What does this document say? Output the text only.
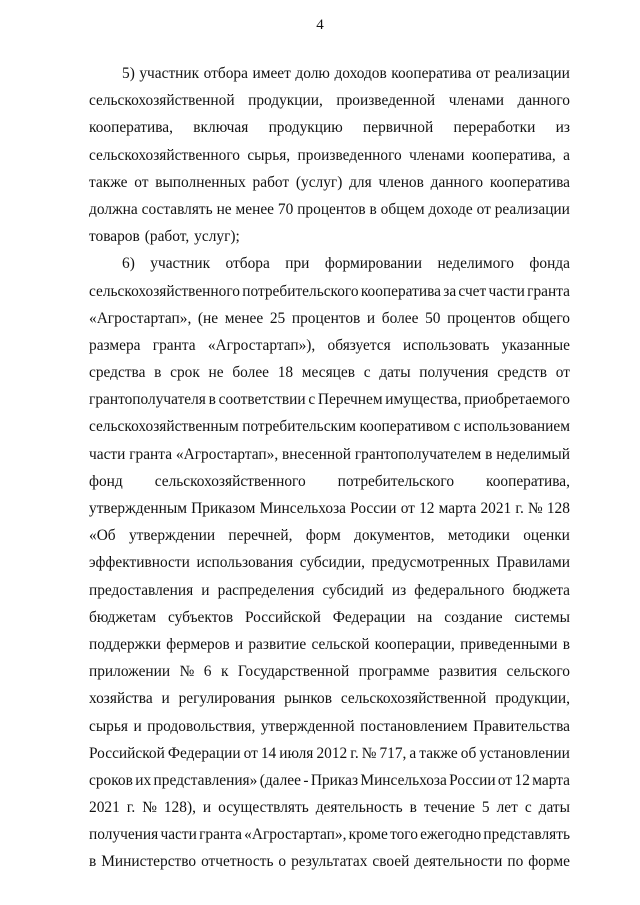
4
5) участник отбора имеет долю доходов кооператива от реализации
сельскохозяйственной продукции, произведенной членами данного
кооператива, включая продукцию первичной переработки из
сельскохозяйственного сырья, произведенного членами кооператива, а
также от выполненных работ (услуг) для членов данного кооператива
должна составлять не менее 70 процентов в общем доходе от реализации
товаров (работ, услуг);
6) участник отбора при формировании неделимого фонда
сельскохозяйственного потребительского кооператива за счет части гранта
«Агростартап», (не менее 25 процентов и более 50 процентов общего
размера гранта «Агростартап»), обязуется использовать указанные
средства в срок не более 18 месяцев с даты получения средств от
грантополучателя в соответствии с Перечнем имущества, приобретаемого
сельскохозяйственным потребительским кооперативом с использованием
части гранта «Агростартап», внесенной грантополучателем в неделимый
фонд сельскохозяйственного потребительского кооператива,
утвержденным Приказом Минсельхоза России от 12 марта 2021 г. № 128
«Об утверждении перечней, форм документов, методики оценки
эффективности использования субсидии, предусмотренных Правилами
предоставления и распределения субсидий из федерального бюджета
бюджетам субъектов Российской Федерации на создание системы
поддержки фермеров и развитие сельской кооперации, приведенными в
приложении № 6 к Государственной программе развития сельского
хозяйства и регулирования рынков сельскохозяйственной продукции,
сырья и продовольствия, утвержденной постановлением Правительства
Российской Федерации от 14 июля 2012 г. № 717, а также об установлении
сроков их представления» (далее - Приказ Минсельхоза России от 12 марта
2021 г. № 128), и осуществлять деятельность в течение 5 лет с даты
получения части гранта «Агростартап», кроме того ежегодно представлять
в Министерство отчетность о результатах своей деятельности по форме
